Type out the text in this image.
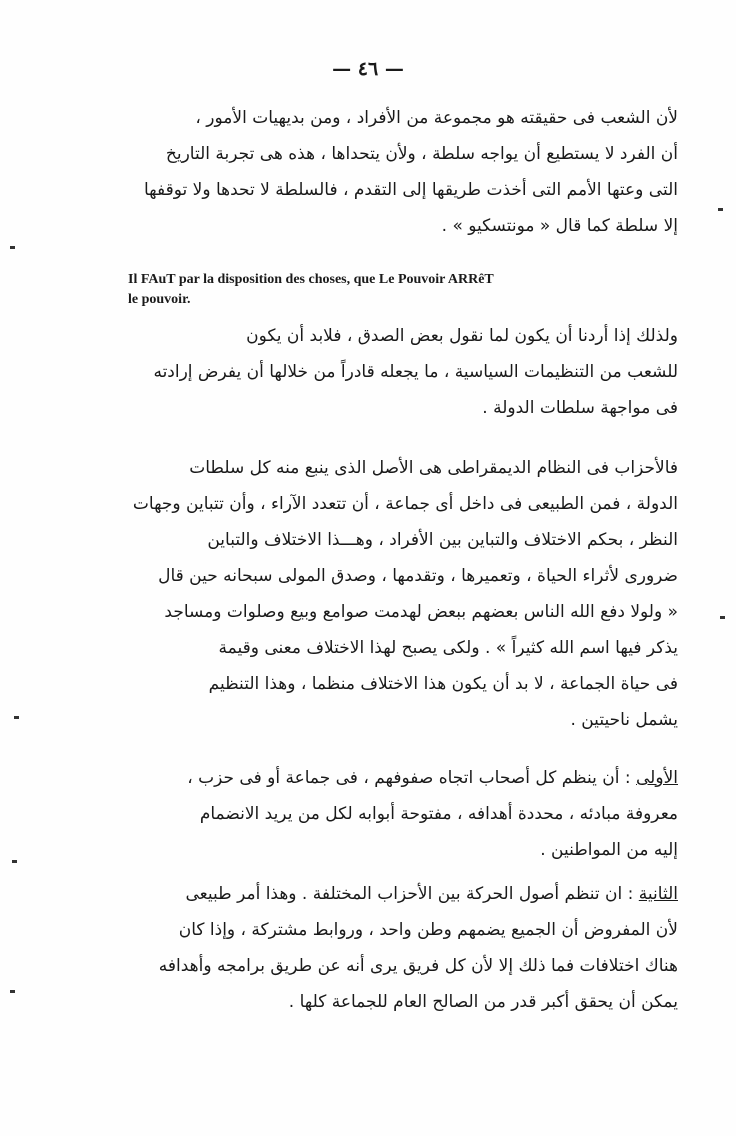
— ٤٦ —
لأن الشعب فى حقيقته هو مجموعة من الأفراد ، ومن بديهيات الأمور ،
أن الفرد لا يستطيع أن يواجه سلطة ، ولأن يتحداها ، هذه هى تجربة التاريخ
التى وعتها الأمم التى أخذت طريقها إلى التقدم ، فالسلطة لا تحدها ولا توقفها
إلا سلطة كما قال « مونتسكيو » .
Il FAuT par la disposition des choses, que Le Pouvoir ARRêT
le pouvoir.
ولذلك إذا أردنا أن يكون لما نقول بعض الصدق ، فلابد أن يكون
للشعب من التنظيمات السياسية ، ما يجعله قادراً من خلالها أن يفرض إرادته
فى مواجهة سلطات الدولة .
فالأحزاب فى النظام الديمقراطى هى الأصل الذى ينبع منه كل سلطات
الدولة ، فمن الطبيعى فى داخل أى جماعة ، أن تتعدد الآراء ، وأن تتباين وجهات
النظر ، بحكم الاختلاف والتباين بين الأفراد ، وهـــذا الاختلاف والتباين
ضرورى لأثراء الحياة ، وتعميرها ، وتقدمها ، وصدق المولى سبحانه حين قال
« ولولا دفع الله الناس بعضهم ببعض لهدمت صوامع وبيع وصلوات ومساجد
يذكر فيها اسم الله كثيراً » . ولكى يصبح لهذا الاختلاف معنى وقيمة
فى حياة الجماعة ، لا بد أن يكون هذا الاختلاف منظما ، وهذا التنظيم
يشمل ناحيتين .
الأولى : أن ينظم كل أصحاب اتجاه صفوفهم ، فى جماعة أو فى حزب ،
معروفة مبادئه ، محددة أهدافه ، مفتوحة أبوابه لكل من يريد الانضمام
إليه من المواطنين .
الثانية : ان تنظم أصول الحركة بين الأحزاب المختلفة . وهذا أمر طبيعى
لأن المفروض أن الجميع يضمهم وطن واحد ، وروابط مشتركة ، وإذا كان
هناك اختلافات فما ذلك إلا لأن كل فريق يرى أنه عن طريق برامجه وأهدافه
يمكن أن يحقق أكبر قدر من الصالح العام للجماعة كلها .
